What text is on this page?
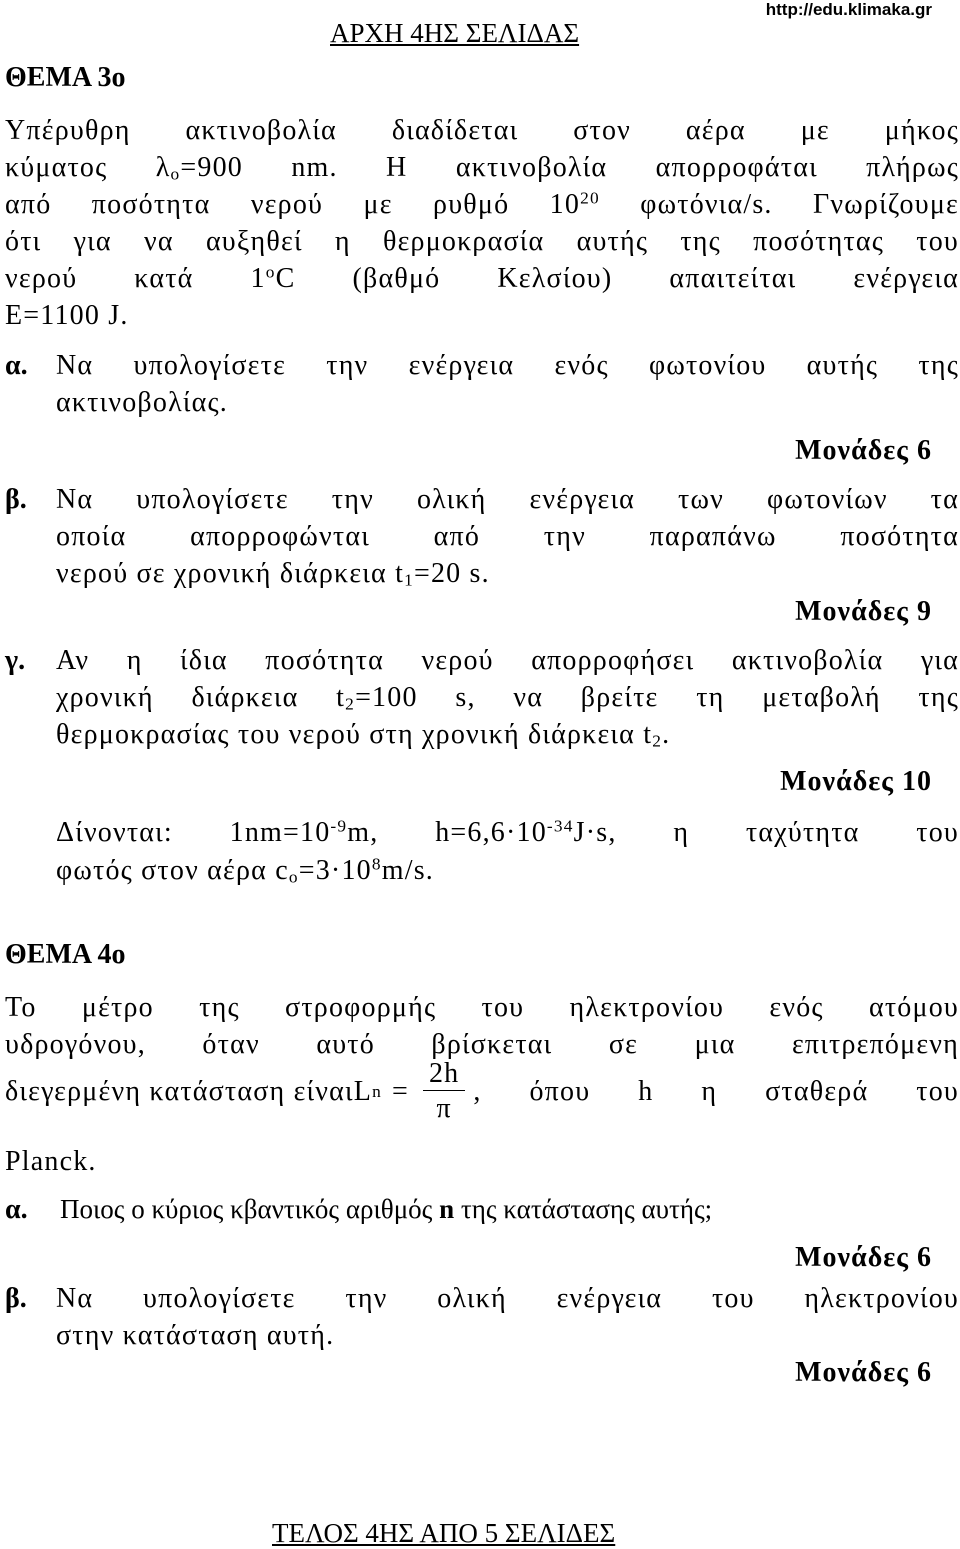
http://edu.klimaka.gr
ΑΡΧΗ 4ΗΣ ΣΕΛΙΔΑΣ
ΘΕΜΑ 3ο
Υπέρυθρη ακτινοβολία διαδίδεται στον αέρα με μήκος
κύματος $\lambda_o=900$ nm. Η ακτινοβολία απορροφάται πλήρως
από ποσότητα νερού με ρυθμό $10^{20}$ φωτόνια/s. Γνωρίζουμε
ότι για να αυξηθεί η θερμοκρασία αυτής της ποσότητας του
νερού κατά $1^oC$ (βαθμό Κελσίου) απαιτείται ενέργεια
E=1100 J.
α. Να υπολογίσετε την ενέργεια ενός φωτονίου αυτής της
ακτινοβολίας.
Μονάδες 6
β. Να υπολογίσετε την ολική ενέργεια των φωτονίων τα
οποία απορροφώνται από την παραπάνω ποσότητα
νερού σε χρονική διάρκεια $t_1=20$ s.
Μονάδες 9
γ. Αν η ίδια ποσότητα νερού απορροφήσει ακτινοβολία για
χρονική διάρκεια $t_2=100$ s, να βρείτε τη μεταβολή της
θερμοκρασίας του νερού στη χρονική διάρκεια $t_2$.
Μονάδες 10
Δίνονται: $1nm=10^{-9}m$, $h=6,6\cdot 10^{-34}J\cdot s$, η ταχύτητα του
φωτός στον αέρα $c_o=3\cdot 10^8m/s$.
ΘΕΜΑ 4ο
Το μέτρο της στροφορμής του ηλεκτρονίου ενός ατόμου
υδρογόνου, όταν αυτό βρίσκεται σε μια επιτρεπόμενη
διεγερμένη κατάσταση είναι L $n = \frac{2h}{\pi}$ , όπου h η σταθερά του
Planck.
α. Ποιος ο κύριος κβαντικός αριθμός n της κατάστασης αυτής;
Μονάδες 6
β. Να υπολογίσετε την ολική ενέργεια του ηλεκτρονίου
στην κατάσταση αυτή.
Μονάδες 6
ΤΕΛΟΣ 4ΗΣ ΑΠΟ 5 ΣΕΛΙΔΕΣ
